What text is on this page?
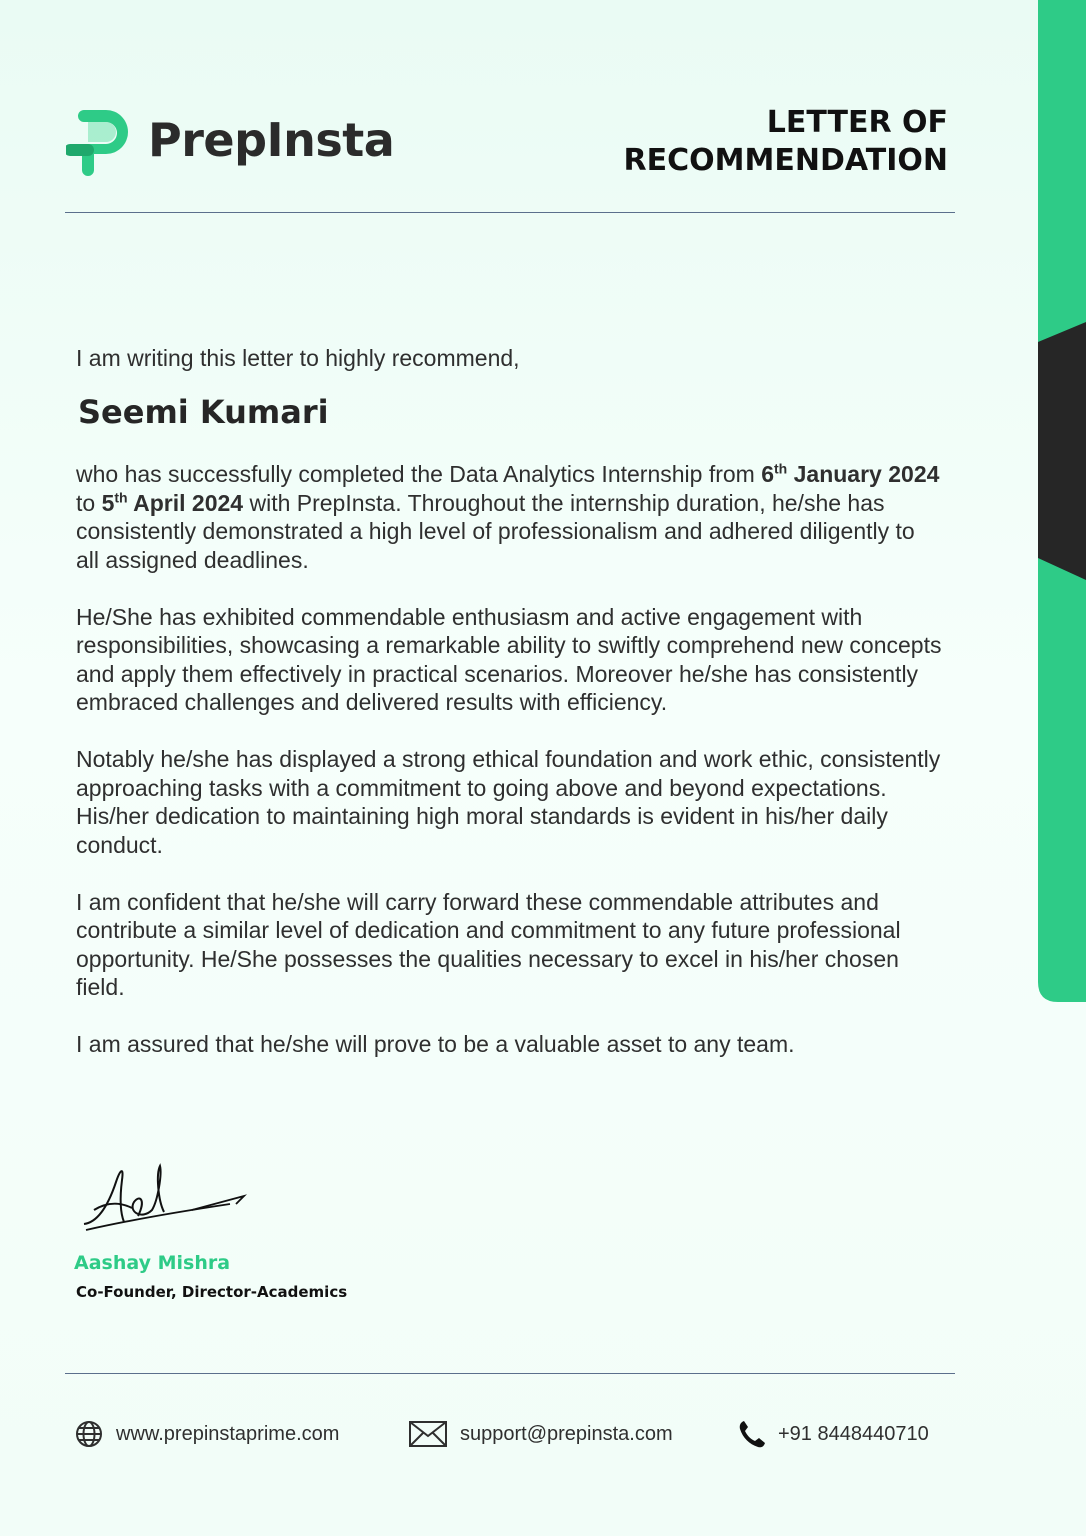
PrepInsta	LETTER OF
RECOMMENDATION
I am writing this letter to highly recommend,
Seemi Kumari

who has successfully completed the Data Analytics Internship from 6th January 2024 to 5th April 2024 with PrepInsta. Throughout the internship duration, he/she has consistently demonstrated a high level of professionalism and adhered diligently to all assigned deadlines.

He/She has exhibited commendable enthusiasm and active engagement with responsibilities, showcasing a remarkable ability to swiftly comprehend new concepts and apply them effectively in practical scenarios. Moreover he/she has consistently embraced challenges and delivered results with efficiency.

Notably he/she has displayed a strong ethical foundation and work ethic, consistently approaching tasks with a commitment to going above and beyond expectations. His/her dedication to maintaining high moral standards is evident in his/her daily conduct.

I am confident that he/she will carry forward these commendable attributes and contribute a similar level of dedication and commitment to any future professional opportunity. He/She possesses the qualities necessary to excel in his/her chosen field.

I am assured that he/she will prove to be a valuable asset to any team.

Aashay Mishra
Co-Founder, Director-Academics
www.prepinstaprime.com	support@prepinsta.com	+91 8448440710
